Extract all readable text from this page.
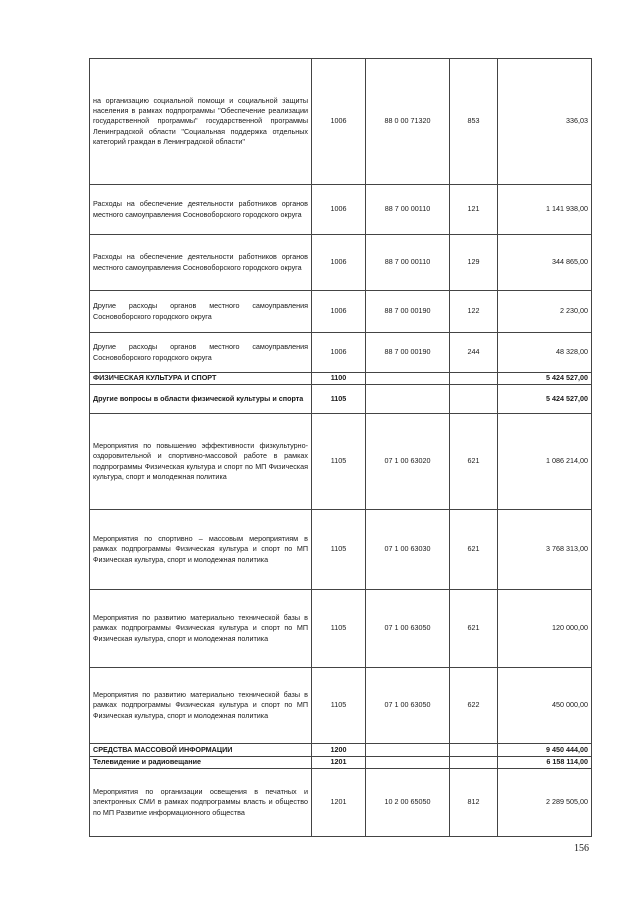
на организацию социальной помощи и социальной защиты населения в рамках подпрограммы "Обеспечение реализации государственной программы" государственной программы Ленинградской области "Социальная поддержка отдельных категорий граждан в Ленинградской области"	1006	88 0 00 71320	853	336,03
Расходы на обеспечение деятельности работников органов местного самоуправления Сосновоборского городского округа	1006	88 7 00 00110	121	1 141 938,00
Расходы на обеспечение деятельности работников органов местного самоуправления Сосновоборского городского округа	1006	88 7 00 00110	129	344 865,00
Другие расходы органов местного самоуправления Сосновоборского городского округа	1006	88 7 00 00190	122	2 230,00
Другие расходы органов местного самоуправления Сосновоборского городского округа	1006	88 7 00 00190	244	48 328,00
ФИЗИЧЕСКАЯ КУЛЬТУРА И СПОРТ	1100			5 424 527,00
Другие вопросы в области физической культуры и спорта	1105			5 424 527,00
Мероприятия по повышению эффективности физкультурно-оздоровительной и спортивно-массовой работе в рамках подпрограммы Физическая культура и спорт по МП Физическая культура, спорт и молодежная политика	1105	07 1 00 63020	621	1 086 214,00
Мероприятия по спортивно – массовым мероприятиям в рамках подпрограммы Физическая культура и спорт по МП Физическая культура, спорт и молодежная политика	1105	07 1 00 63030	621	3 768 313,00
Мероприятия по развитию материально технической базы в рамках подпрограммы Физическая культура и спорт по МП Физическая культура, спорт и молодежная политика	1105	07 1 00 63050	621	120 000,00
Мероприятия по развитию материально технической базы в рамках подпрограммы Физическая культура и спорт по МП Физическая культура, спорт и молодежная политика	1105	07 1 00 63050	622	450 000,00
СРЕДСТВА МАССОВОЙ ИНФОРМАЦИИ	1200			9 450 444,00
Телевидение и радиовещание	1201			6 158 114,00
Мероприятия по организации освещения в печатных и электронных СМИ в рамках подпрограммы власть и общество по МП Развитие информационного общества	1201	10 2 00 65050	812	2 289 505,00
156
